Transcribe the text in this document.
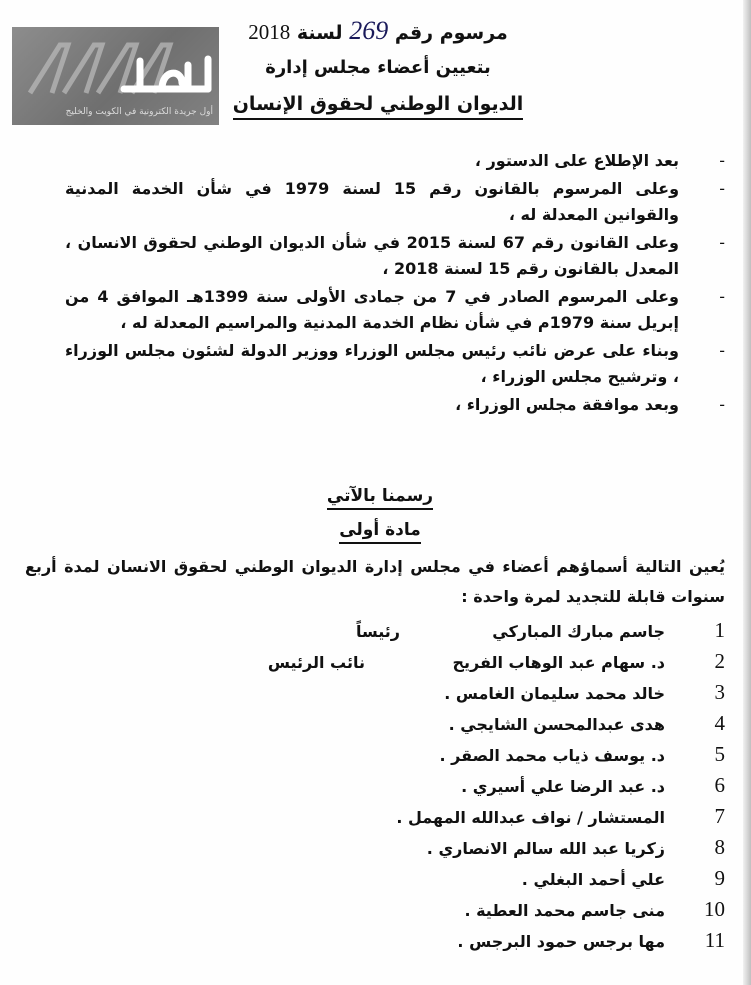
أول جريدة الكترونية في الكويت والخليج
مرسوم رقم 269 لسنة 2018
بتعيين أعضاء مجلس إدارة
الديوان الوطني لحقوق الإنسان
-
بعد الإطلاع على الدستور ،
-
وعلى المرسوم بالقانون رقم 15 لسنة 1979 في شأن الخدمة المدنية والقوانين المعدلة له ،
-
وعلى القانون رقم 67 لسنة 2015 في شأن الديوان الوطني لحقوق الانسان ، المعدل بالقانون رقم 15 لسنة 2018 ،
-
وعلى المرسوم الصادر في 7 من جمادى الأولى سنة 1399هـ الموافق 4 من إبريل سنة 1979م في شأن نظام الخدمة المدنية والمراسيم المعدلة له ،
-
وبناء على عرض نائب رئيس مجلس الوزراء ووزير الدولة لشئون مجلس الوزراء ، وترشيح مجلس الوزراء ،
-
وبعد موافقة مجلس الوزراء ،
رسمنا بالآتي
مادة أولى
يُعين التالية أسماؤهم أعضاء في مجلس إدارة الديوان الوطني لحقوق الانسان لمدة أربع سنوات قابلة للتجديد لمرة واحدة :
1
جاسم مبارك المباركي
رئيساً
2
د. سهام عبد الوهاب الفريح
نائب الرئيس
3
خالد محمد سليمان الغامس .
4
هدى عبدالمحسن الشايجي .
5
د. يوسف ذياب محمد الصقر .
6
د. عبد الرضا علي أسيري .
7
المستشار / نواف عبدالله المهمل .
8
زكريا عبد الله سالم الانصاري .
9
علي أحمد البغلي .
10
منى جاسم محمد العطية .
11
مها برجس حمود البرجس .
